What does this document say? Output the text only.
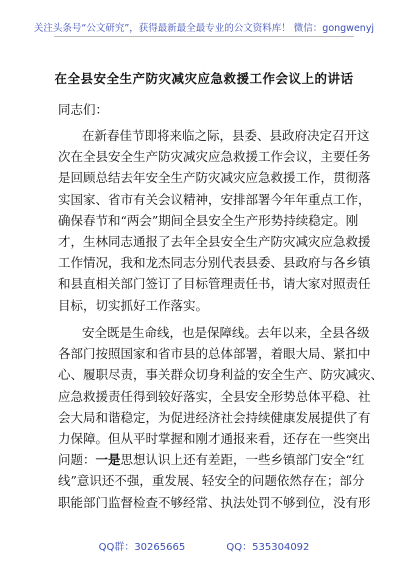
关注头条号“公文研究”，获得最新最全最专业的公文资料库！ 微信：gongwenyj
在全县安全生产防灾减灾应急救援工作会议上的讲话
同志们：
在新春佳节即将来临之际，县委、县政府决定召开这
次在全县安全生产防灾减灾应急救援工作会议，主要任务
是回顾总结去年安全生产防灾减灾应急救援工作，贯彻落
实国家、省市有关会议精神，安排部署今年年重点工作，
确保春节和“两会”期间全县安全生产形势持续稳定。刚
才，生林同志通报了去年全县安全生产防灾减灾应急救援
工作情况，我和龙杰同志分别代表县委、县政府与各乡镇
和县直相关部门签订了目标管理责任书，请大家对照责任
目标，切实抓好工作落实。
安全既是生命线，也是保障线。去年以来，全县各级
各部门按照国家和省市县的总体部署，着眼大局、紧扣中
心、履职尽责，事关群众切身利益的安全生产、防灾减灾、
应急救援责任得到较好落实，全县安全形势总体平稳、社
会大局和谐稳定，为促进经济社会持续健康发展提供了有
力保障。但从平时掌握和刚才通报来看，还存在一些突出
问题：一是思想认识上还有差距，一些乡镇部门安全“红
线”意识还不强，重发展、轻安全的问题依然存在；部分
职能部门监督检查不够经常、执法处罚不够到位，没有形
QQ群：30265665	QQ：535304092
